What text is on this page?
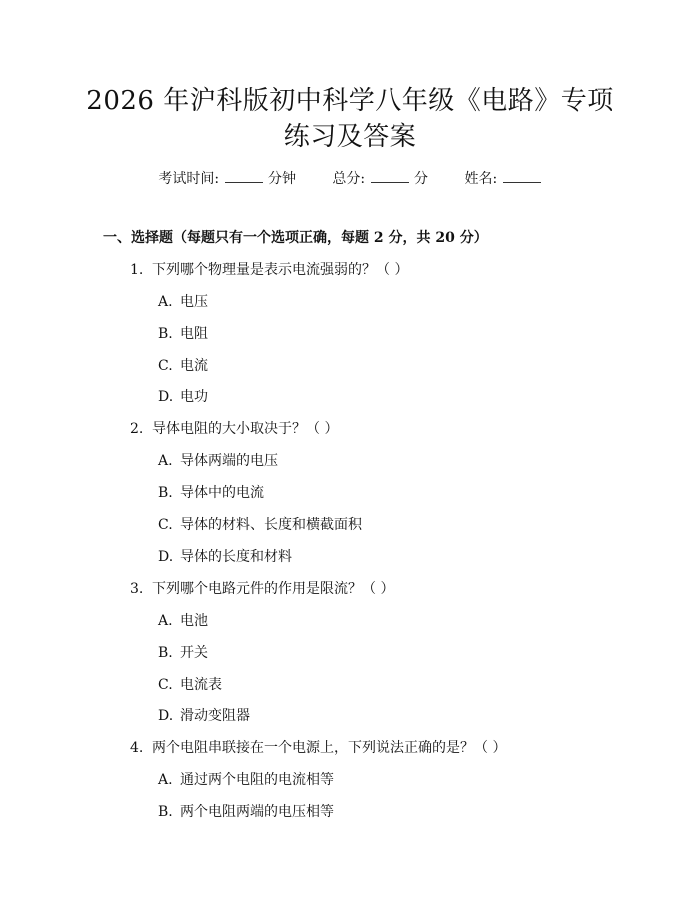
2026 年沪科版初中科学八年级《电路》专项
练习及答案
考试时间:	分钟	总分:	分	姓名:
一、选择题（每题只有一个选项正确，每题 2 分，共 20 分）
1. 下列哪个物理量是表示电流强弱的？（ ）
A. 电压
B. 电阻
C. 电流
D. 电功
2. 导体电阻的大小取决于？（ ）
A. 导体两端的电压
B. 导体中的电流
C. 导体的材料、长度和横截面积
D. 导体的长度和材料
3. 下列哪个电路元件的作用是限流？（ ）
A. 电池
B. 开关
C. 电流表
D. 滑动变阻器
4. 两个电阻串联接在一个电源上，下列说法正确的是？（ ）
A. 通过两个电阻的电流相等
B. 两个电阻两端的电压相等
